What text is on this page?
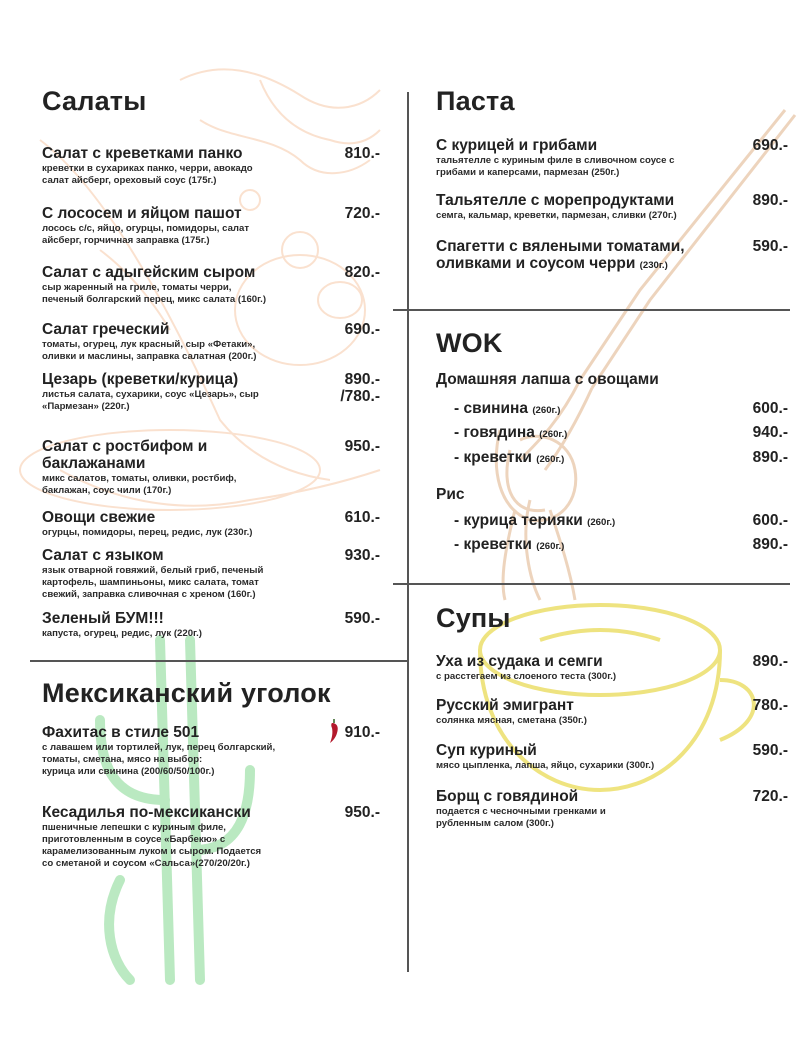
Салаты
Салат с креветками панко
креветки в сухариках панко, черри, авокадо
салат айсберг, ореховый соус (175г.)
810.-
С лососем и яйцом пашот
лосось с/с, яйцо, огурцы, помидоры, салат
айсберг, горчичная заправка (175г.)
720.-
Салат с адыгейским сыром
сыр жаренный на гриле, томаты черри,
печеный болгарский перец, микс салата (160г.)
820.-
Салат греческий
томаты, огурец, лук красный, сыр «Фетаки»,
оливки и маслины, заправка салатная (200г.)
690.-
Цезарь (креветки/курица)
листья салата, сухарики, соус «Цезарь», сыр
«Пармезан» (220г.)
890.-
/780.-
Салат с ростбифом и
баклажанами
микс салатов, томаты, оливки, ростбиф,
баклажан, соус чили (170г.)
950.-
Овощи свежие
огурцы, помидоры, перец, редис, лук (230г.)
610.-
Салат с языком
язык отварной говяжий, белый гриб, печеный
картофель, шампиньоны, микс салата, томат
свежий, заправка сливочная с хреном (160г.)
930.-
Зеленый БУМ!!!
капуста, огурец, редис, лук (220г.)
590.-
Мексиканский уголок
Фахитас в стиле 501
с лавашем или тортилей, лук, перец болгарский,
томаты, сметана, мясо на выбор:
курица или свинина (200/60/50/100г.)
910.-
Кесадилья по-мексикански
пшеничные лепешки с куриным филе,
приготовленным в соусе «Барбекю» с
карамелизованным луком и сыром. Подается
со сметаной и соусом «Сальса»(270/20/20г.)
950.-
Паста
С курицей и грибами
тальятелле с куриным филе в сливочном соусе с
грибами и каперсами, пармезан (250г.)
690.-
Тальятелле с морепродуктами
семга, кальмар, креветки, пармезан, сливки (270г.)
890.-
Спагетти с вялеными томатами,
оливками и соусом черри (230г.)
590.-
WOK
Домашняя лапша с овощами
- свинина (260г.)	600.-
- говядина (260г.)	940.-
- креветки (260г.)	890.-
Рис
- курица терияки (260г.)	600.-
- креветки (260г.)	890.-
Супы
Уха из судака и семги
с расстегаем из слоеного теста (300г.)
890.-
Русский эмигрант
солянка мясная, сметана (350г.)
780.-
Суп куриный
мясо цыпленка, лапша, яйцо, сухарики (300г.)
590.-
Борщ с говядиной
подается с чесночными гренками и
рубленным салом (300г.)
720.-
